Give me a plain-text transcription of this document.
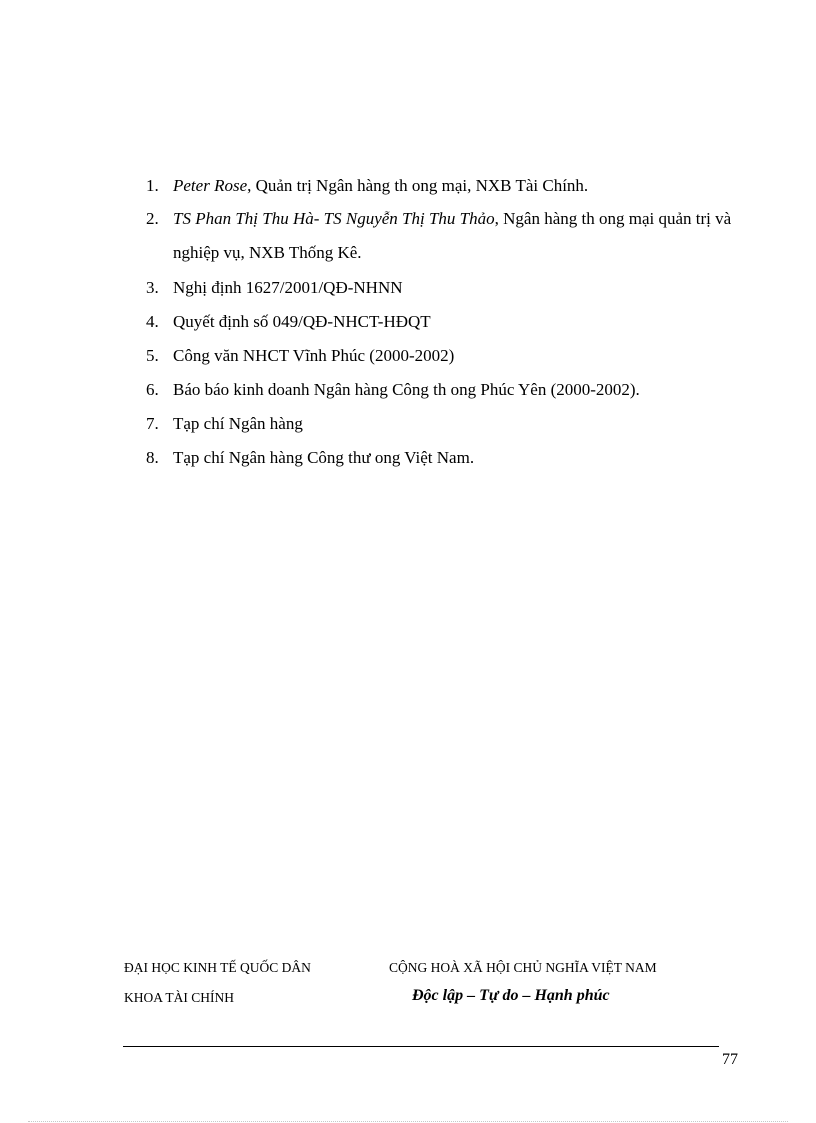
1. Peter Rose, Quản trị Ngân hàng th ong mại, NXB Tài Chính.
2. TS Phan Thị Thu Hà- TS Nguyễn Thị Thu Thảo, Ngân hàng th ong mại quản trị và nghiệp vụ, NXB Thống Kê.
3. Nghị định 1627/2001/QĐ-NHNN
4. Quyết định số 049/QĐ-NHCT-HĐQT
5. Công văn NHCT Vĩnh Phúc (2000-2002)
6. Báo báo kinh doanh Ngân hàng Công th ong Phúc Yên (2000-2002).
7. Tạp chí Ngân hàng
8. Tạp chí Ngân hàng Công thư ong Việt Nam.
ĐẠI HỌC KINH TẾ QUỐC DÂN
KHOA TÀI CHÍNH
CỘNG HOÀ XÃ HỘI CHỦ NGHĨA VIỆT NAM
Độc lập – Tự do – Hạnh phúc
77
